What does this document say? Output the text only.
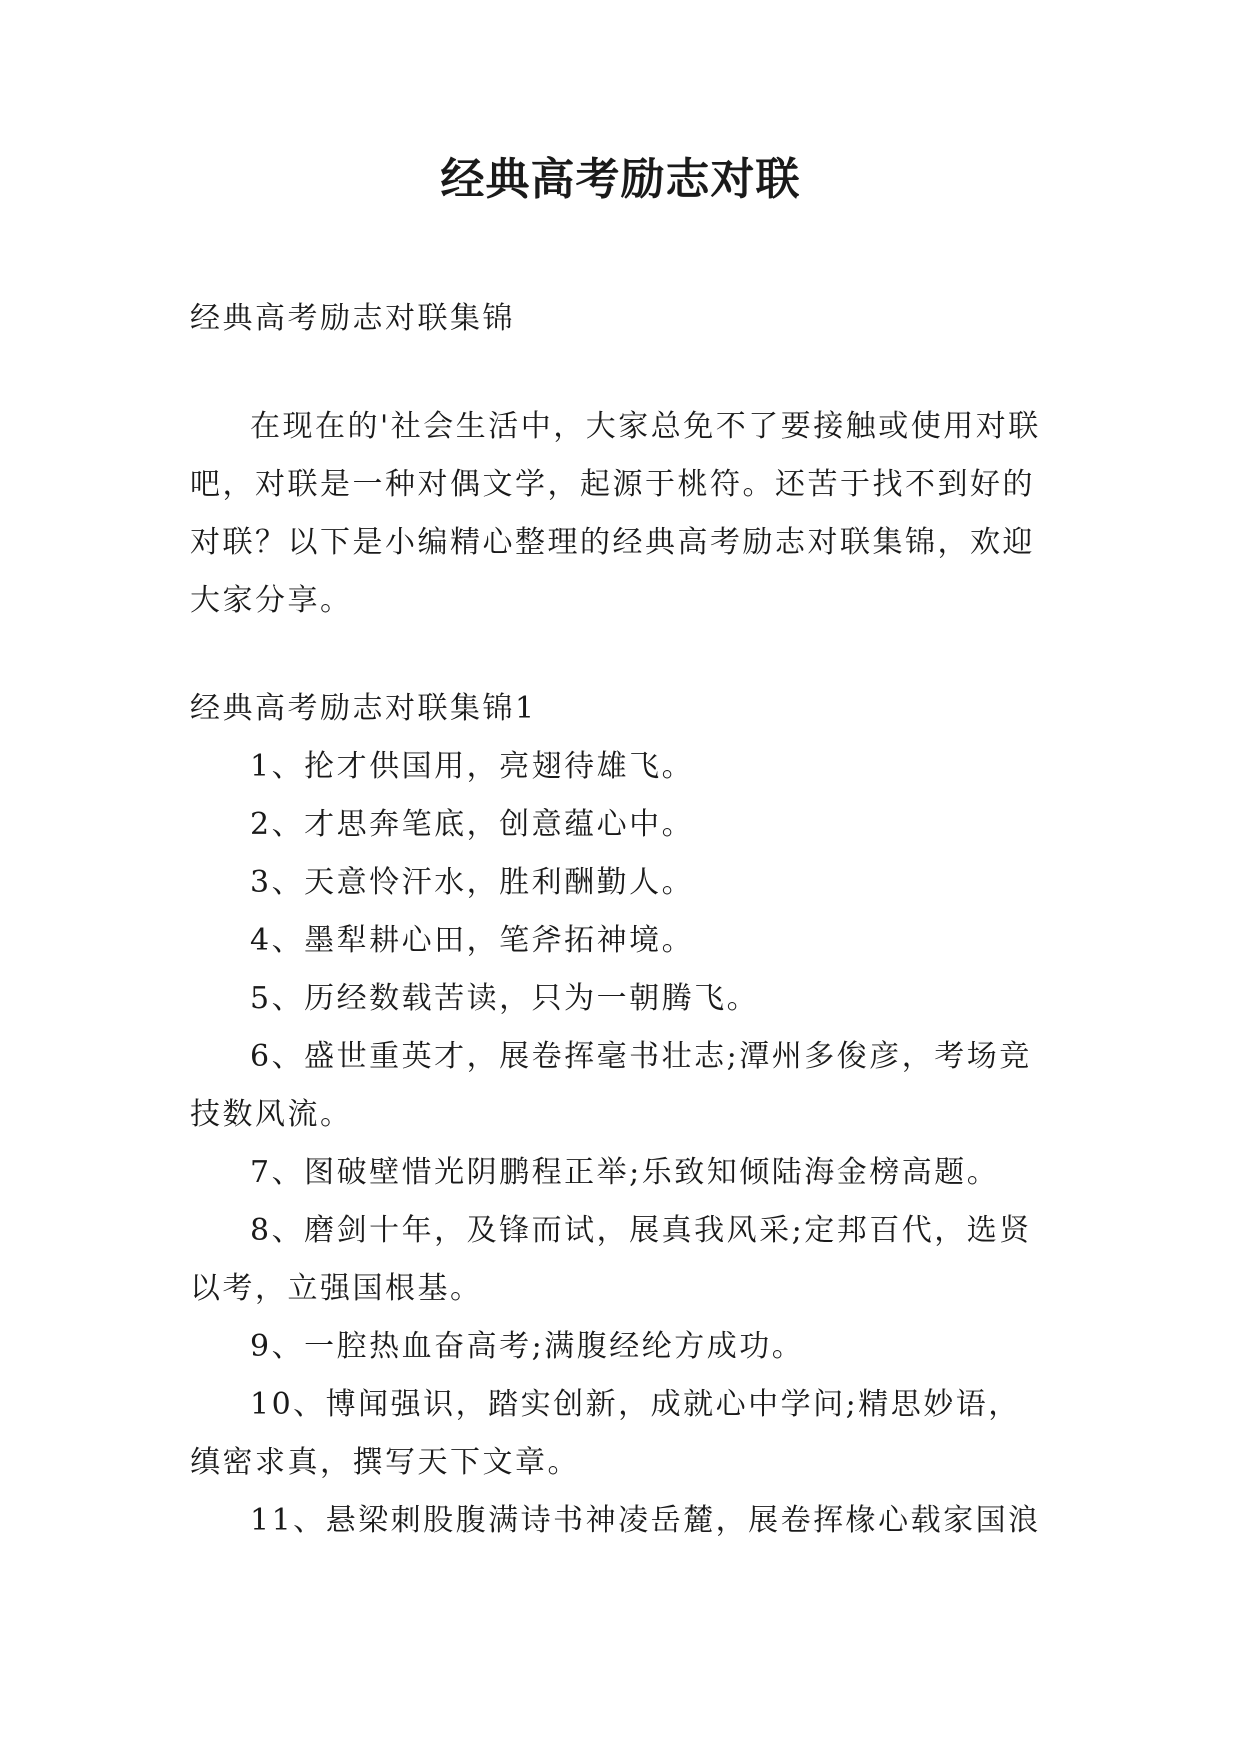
经典高考励志对联

经典高考励志对联集锦

在现在的'社会生活中，大家总免不了要接触或使用对联吧，对联是一种对偶文学，起源于桃符。还苦于找不到好的对联？以下是小编精心整理的经典高考励志对联集锦，欢迎大家分享。

经典高考励志对联集锦1

1、抡才供国用，亮翅待雄飞。

2、才思奔笔底，创意蕴心中。

3、天意怜汗水，胜利酬勤人。

4、墨犁耕心田，笔斧拓神境。

5、历经数载苦读，只为一朝腾飞。

6、盛世重英才，展卷挥毫书壮志;潭州多俊彦，考场竞技数风流。

7、图破壁惜光阴鹏程正举;乐致知倾陆海金榜高题。

8、磨剑十年，及锋而试，展真我风采;定邦百代，选贤以考，立强国根基。

9、一腔热血奋高考;满腹经纶方成功。

10、博闻强识，踏实创新，成就心中学问;精思妙语，缜密求真，撰写天下文章。

11、悬梁刺股腹满诗书神凌岳麓，展卷挥椽心载家国浪
